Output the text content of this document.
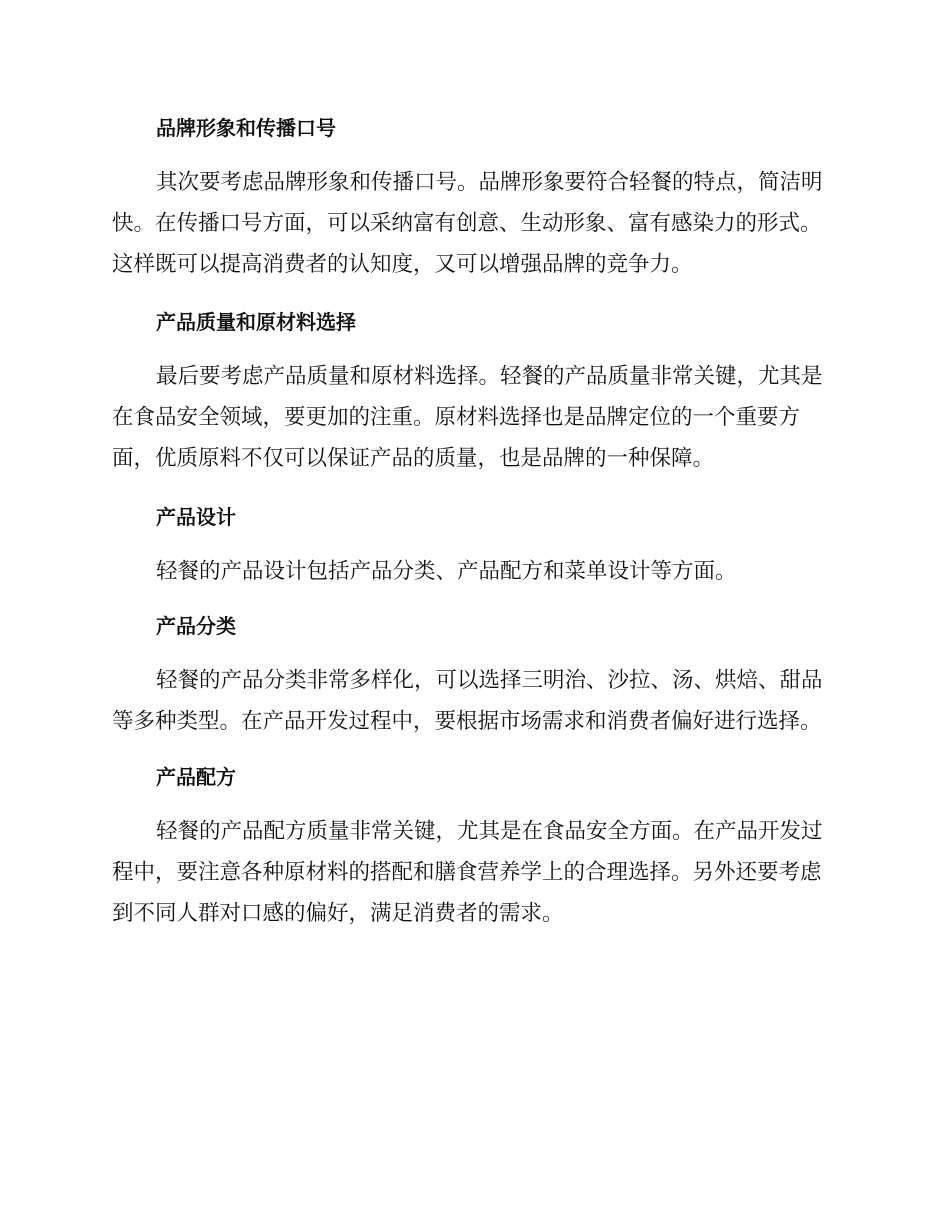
品牌形象和传播口号

其次要考虑品牌形象和传播口号。品牌形象要符合轻餐的特点，简洁明
快。在传播口号方面，可以采纳富有创意、生动形象、富有感染力的形式。
这样既可以提高消费者的认知度，又可以增强品牌的竞争力。

产品质量和原材料选择

最后要考虑产品质量和原材料选择。轻餐的产品质量非常关键，尤其是
在食品安全领域，要更加的注重。原材料选择也是品牌定位的一个重要方
面，优质原料不仅可以保证产品的质量，也是品牌的一种保障。

产品设计

轻餐的产品设计包括产品分类、产品配方和菜单设计等方面。

产品分类

轻餐的产品分类非常多样化，可以选择三明治、沙拉、汤、烘焙、甜品
等多种类型。在产品开发过程中，要根据市场需求和消费者偏好进行选择。

产品配方

轻餐的产品配方质量非常关键，尤其是在食品安全方面。在产品开发过
程中，要注意各种原材料的搭配和膳食营养学上的合理选择。另外还要考虑
到不同人群对口感的偏好，满足消费者的需求。
